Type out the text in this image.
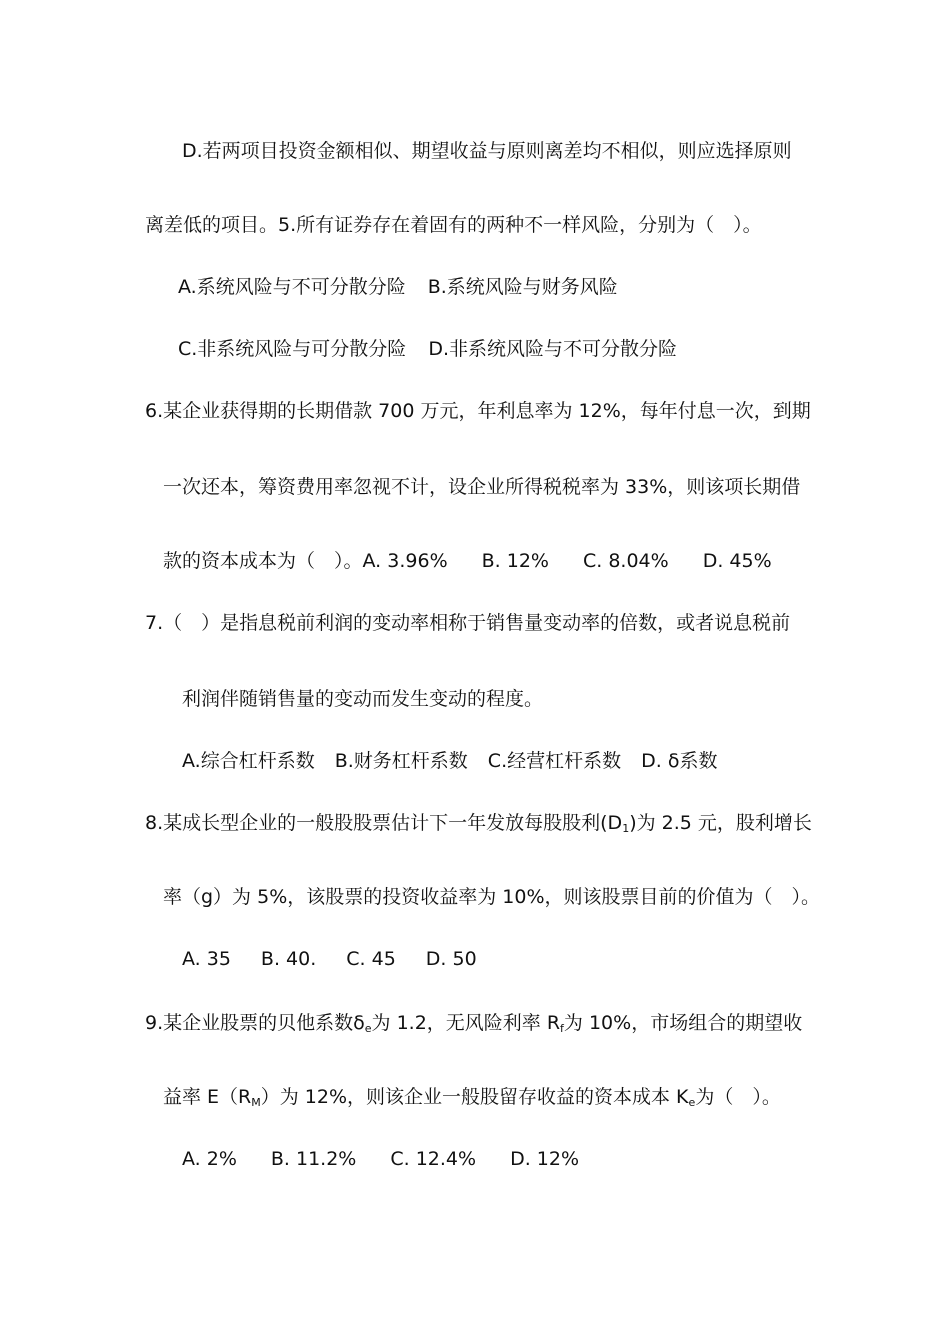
D.若两项目投资金额相似、期望收益与原则离差均不相似，则应选择原则
离差低的项目。5.所有证券存在着固有的两种不一样风险，分别为（　）。
A.系统风险与不可分散分险 B.系统风险与财务风险
C.非系统风险与可分散分险 D.非系统风险与不可分散分险
6.某企业获得期的长期借款 700 万元，年利息率为 12%，每年付息一次，到期
一次还本，筹资费用率忽视不计，设企业所得税税率为 33%，则该项长期借
款的资本成本为（　）。A. 3.96% B. 12% C. 8.04% D. 45%
7.（　）是指息税前利润的变动率相称于销售量变动率的倍数，或者说息税前
利润伴随销售量的变动而发生变动的程度。
A.综合杠杆系数 B.财务杠杆系数 C.经营杠杆系数 D. δ系数
8.某成长型企业的一般股股票估计下一年发放每股股利$(D_1)$为 2.5 元，股利增长
率（g）为 5%，该股票的投资收益率为 10%，则该股票目前的价值为（　）。
A. 35 B. 40. C. 45 D. 50
9.某企业股票的贝他系数$\delta_e$为 1.2，无风险利率 $R_f$为 10%，市场组合的期望收
益率 $E(R_M)$为 12%，则该企业一般股留存收益的资本成本 $K_e$为（　）。
A. 2% B. 11.2% C. 12.4% D. 12%
